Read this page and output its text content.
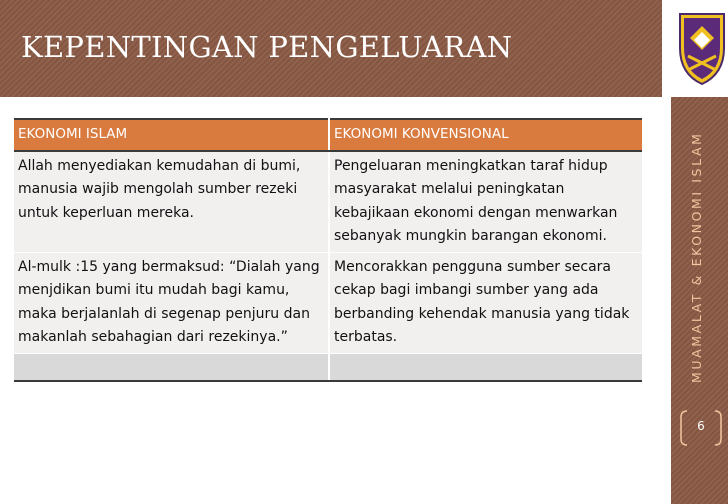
KEPENTINGAN PENGELUARAN
MUAMALAT & EKONOMI ISLAM
6
EKONOMI ISLAM	EKONOMI KONVENSIONAL
Allah menyediakan kemudahan di bumi, manusia wajib mengolah sumber rezeki untuk keperluan mereka.	Pengeluaran meningkatkan taraf hidup masyarakat melalui peningkatan kebajikaan ekonomi dengan menwarkan sebanyak mungkin barangan ekonomi.
Al-mulk :15 yang bermaksud: “Dialah yang menjdikan bumi itu mudah bagi kamu, maka berjalanlah di segenap penjuru dan makanlah sebahagian dari rezekinya.”	Mencorakkan pengguna sumber secara cekap bagi imbangi sumber yang ada berbanding kehendak manusia yang tidak terbatas.
